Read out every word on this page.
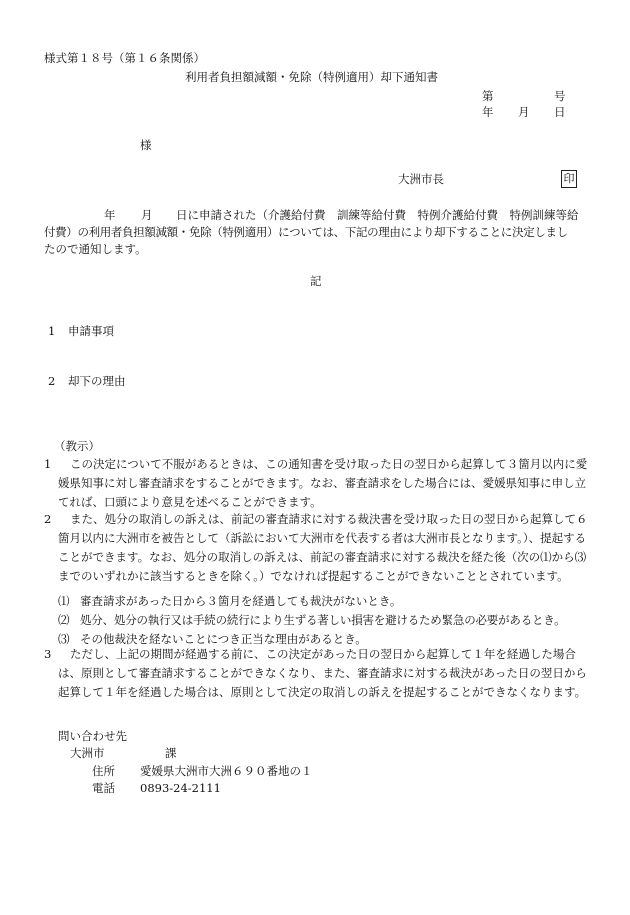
様式第１８号（第１６条関係）
利用者負担額減額・免除（特例適用）却下通知書
第	号
年 月 日
様
大洲市長	印
年 月 日に申請された（介護給付費　訓練等給付費　特例介護給付費　特例訓練等給
付費）の利用者負担額減額・免除（特例適用）については、下記の理由により却下することに決定しまし
たので通知します。
記
1 申請事項
2 却下の理由
（教示）
1	この決定について不服があるときは、この通知書を受け取った日の翌日から起算して３箇月以内に愛媛県知事に対し審査請求をすることができます。なお、審査請求をした場合には、愛媛県知事に申し立てれば、口頭により意見を述べることができます。
2	また、処分の取消しの訴えは、前記の審査請求に対する裁決書を受け取った日の翌日から起算して６箇月以内に大洲市を被告として（訴訟において大洲市を代表する者は大洲市長となります。）、提起することができます。なお、処分の取消しの訴えは、前記の審査請求に対する裁決を経た後（次の⑴から⑶までのいずれかに該当するときを除く。）でなければ提起することができないこととされています。
⑴ 審査請求があった日から３箇月を経過しても裁決がないとき。
⑵ 処分、処分の執行又は手続の続行により生ずる著しい損害を避けるため緊急の必要があるとき。
⑶ その他裁決を経ないことにつき正当な理由があるとき。
3	ただし、上記の期間が経過する前に、この決定があった日の翌日から起算して１年を経過した場合は、原則として審査請求することができなくなり、また、審査請求に対する裁決があった日の翌日から起算して１年を経過した場合は、原則として決定の取消しの訴えを提起することができなくなります。
問い合わせ先
大洲市	課
住所 愛媛県大洲市大洲６９０番地の１
電話 0893-24-2111
